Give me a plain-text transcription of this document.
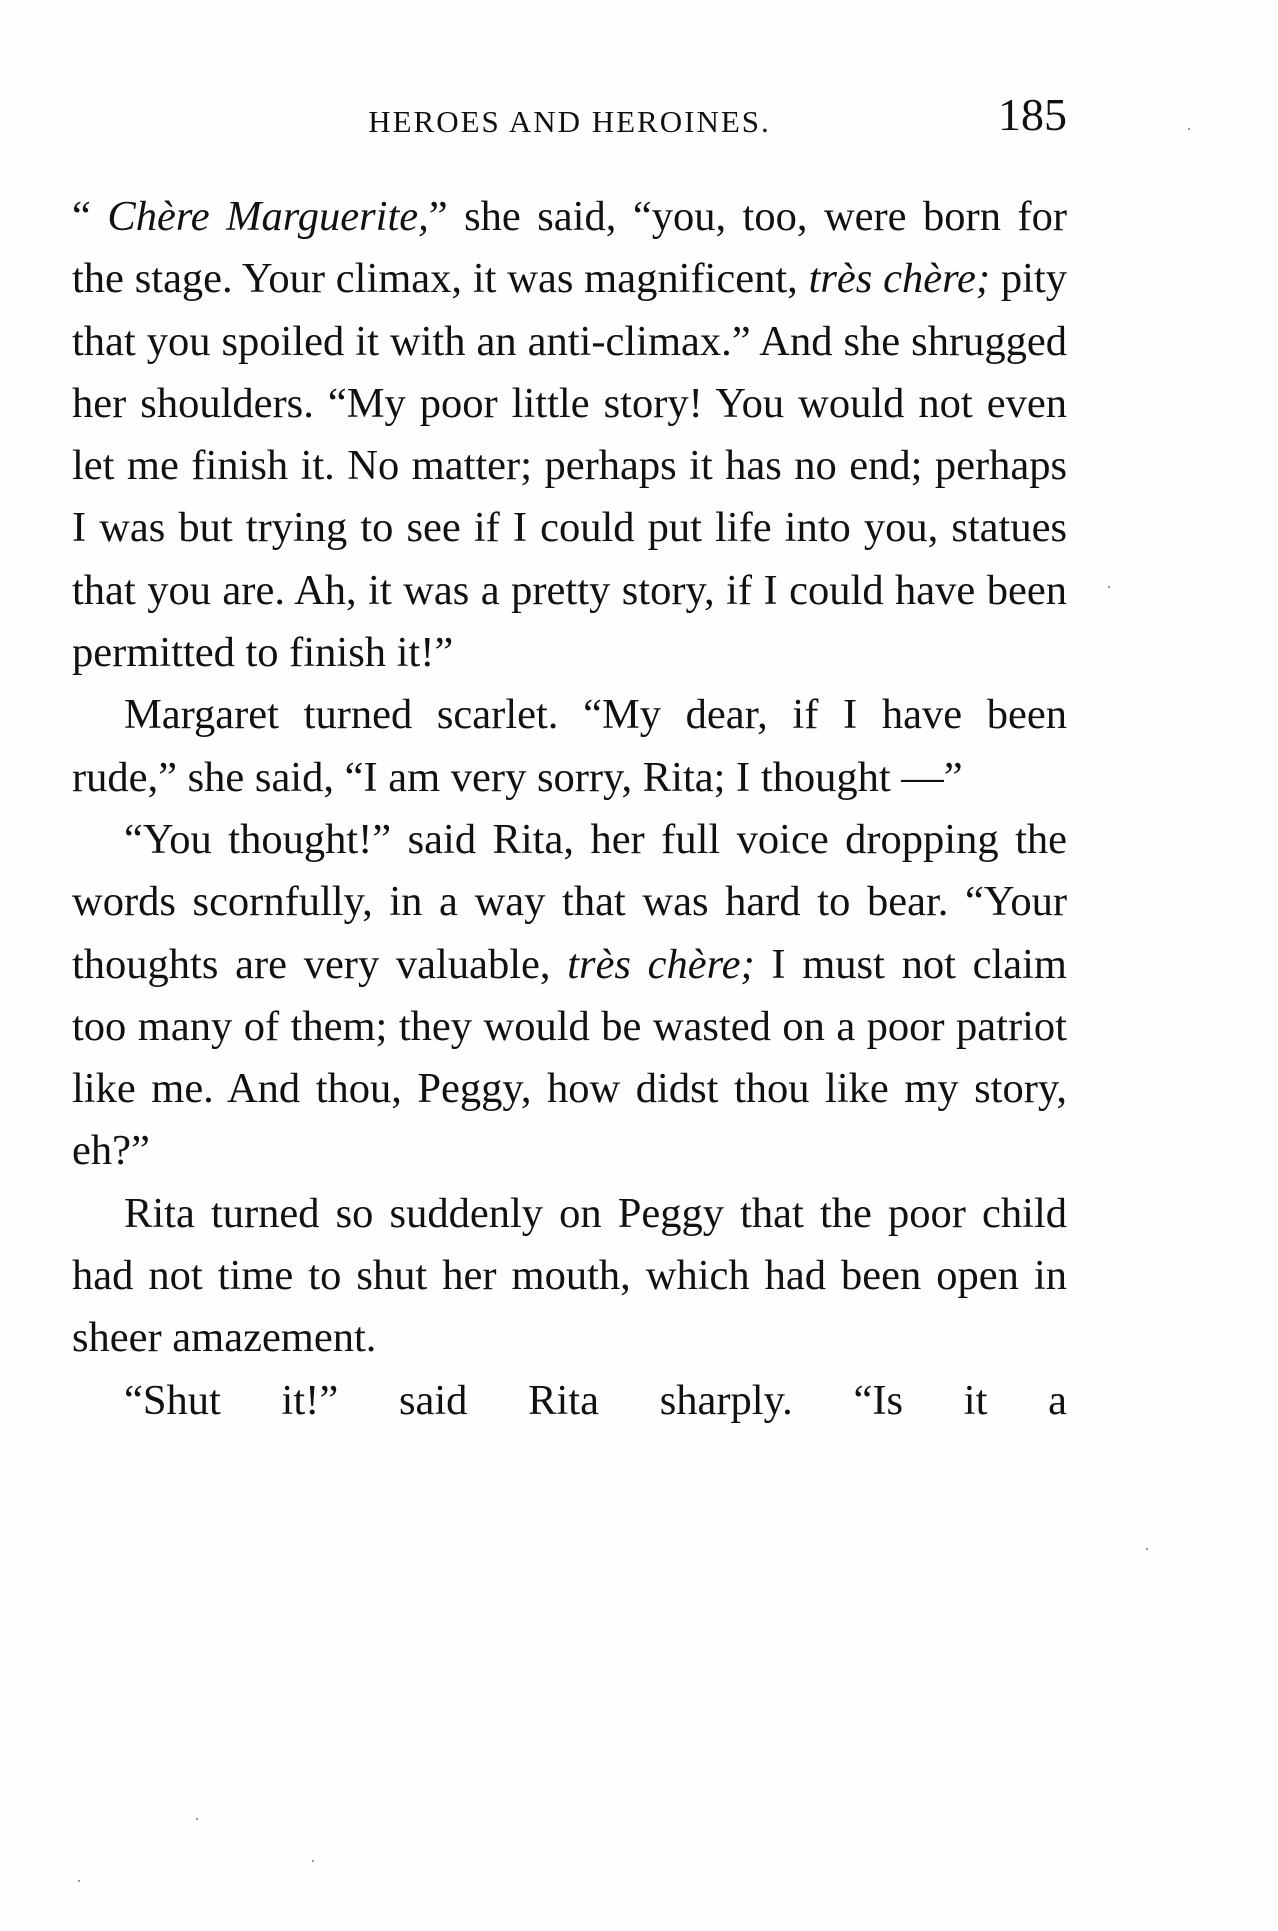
HEROES AND HEROINES.	185

“ Chère Marguerite,” she said, “you, too, were born for the stage. Your climax, it was magnificent, très chère; pity that you spoiled it with an anti-climax.” And she shrugged her shoulders. “My poor little story! You would not even let me finish it. No matter; perhaps it has no end; perhaps I was but trying to see if I could put life into you, statues that you are. Ah, it was a pretty story, if I could have been permitted to finish it!”

Margaret turned scarlet. “My dear, if I have been rude,” she said, “I am very sorry, Rita; I thought —”

“You thought!” said Rita, her full voice dropping the words scornfully, in a way that was hard to bear. “Your thoughts are very valuable, très chère; I must not claim too many of them; they would be wasted on a poor patriot like me. And thou, Peggy, how didst thou like my story, eh?”

Rita turned so suddenly on Peggy that the poor child had not time to shut her mouth, which had been open in sheer amazement.

“Shut it!” said Rita sharply. “Is it a
